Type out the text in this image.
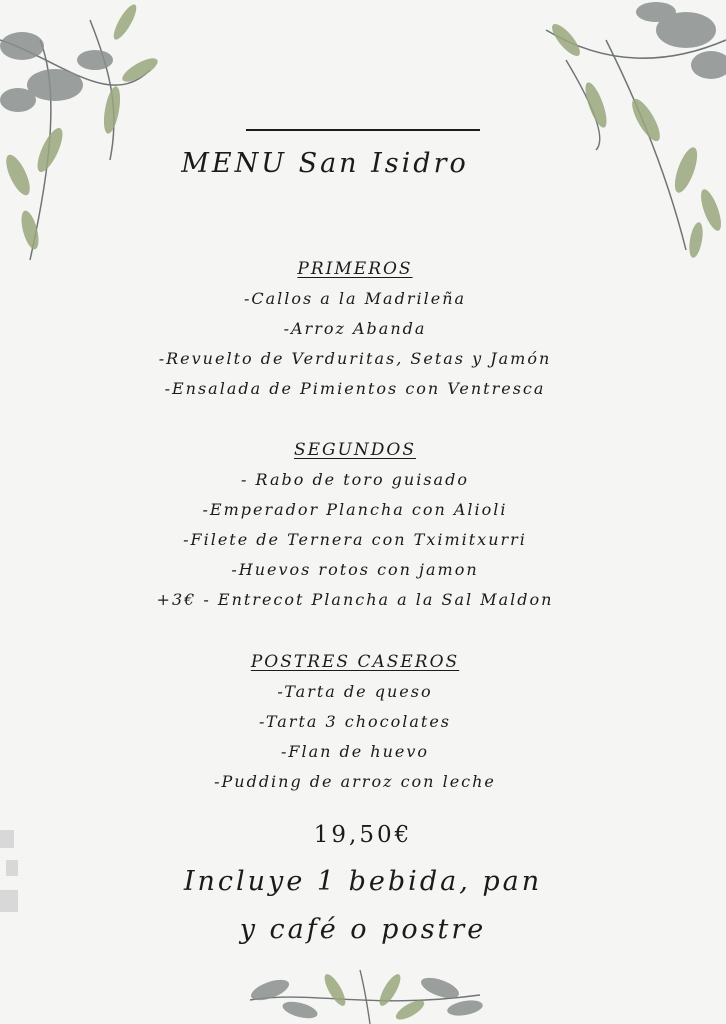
MENU San Isidro
PRIMEROS
-Callos a la Madrileña
-Arroz Abanda
-Revuelto de Verduritas, Setas y Jamón
-Ensalada de Pimientos con Ventresca
SEGUNDOS
- Rabo de toro guisado
-Emperador Plancha con Alioli
-Filete de Ternera con Tximitxurri
-Huevos rotos con jamon
+3€ - Entrecot Plancha a la Sal Maldon
POSTRES CASEROS
-Tarta de queso
-Tarta 3 chocolates
-Flan de huevo
-Pudding de arroz con leche
19,50€
Incluye 1 bebida, pan
y café o postre
